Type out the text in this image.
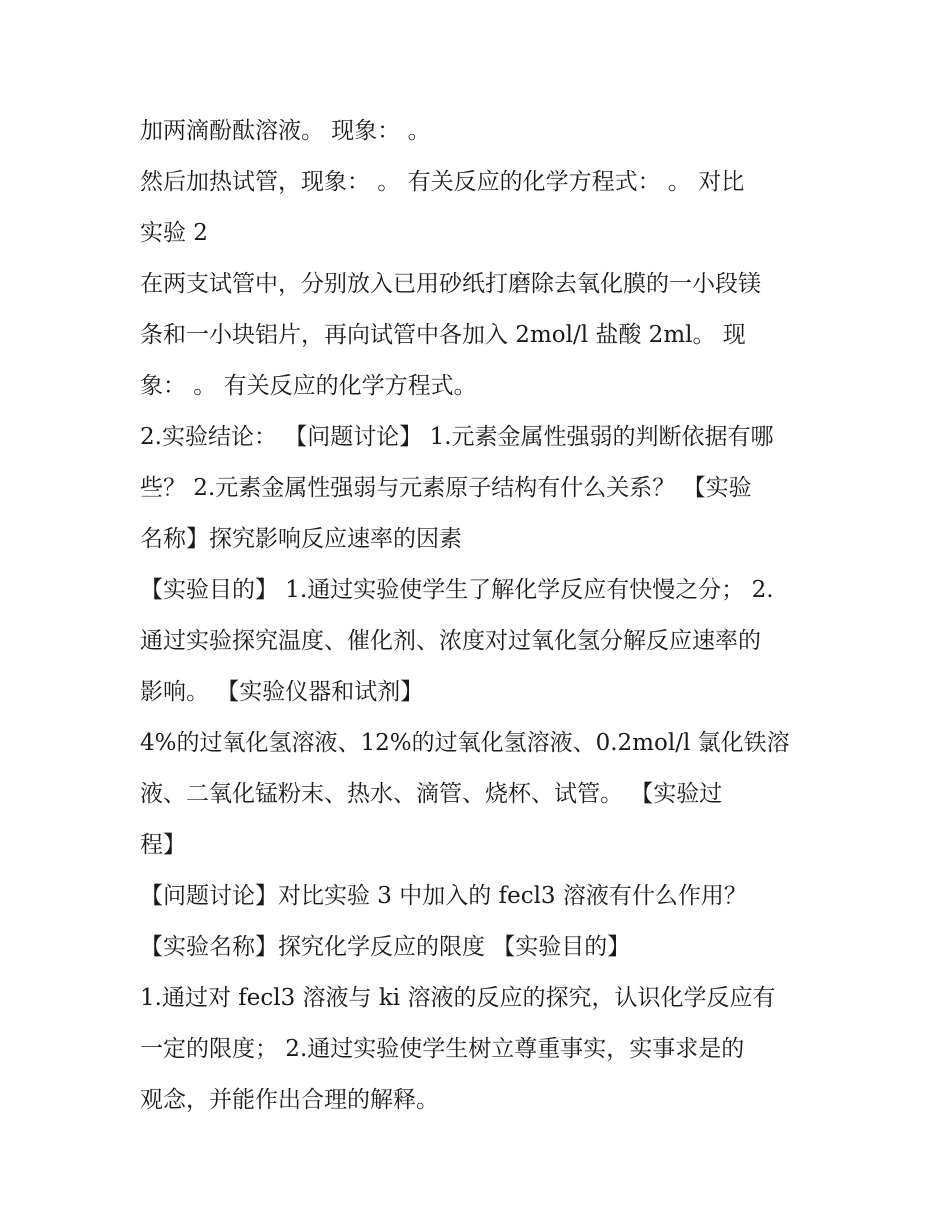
加两滴酚酞溶液。 现象： 。
然后加热试管，现象： 。 有关反应的化学方程式： 。 对比
实验 2
在两支试管中，分别放入已用砂纸打磨除去氧化膜的一小段镁
条和一小块铝片，再向试管中各加入 2mol/l 盐酸 2ml。 现
象： 。 有关反应的化学方程式。
2.实验结论： 【问题讨论】 1.元素金属性强弱的判断依据有哪
些？ 2.元素金属性强弱与元素原子结构有什么关系？ 【实验
名称】探究影响反应速率的因素
【实验目的】 1.通过实验使学生了解化学反应有快慢之分； 2.
通过实验探究温度、催化剂、浓度对过氧化氢分解反应速率的
影响。 【实验仪器和试剂】
4%的过氧化氢溶液、12%的过氧化氢溶液、0.2mol/l 氯化铁溶
液、二氧化锰粉末、热水、滴管、烧杯、试管。 【实验过
程】
【问题讨论】对比实验 3 中加入的 fecl3 溶液有什么作用？
【实验名称】探究化学反应的限度 【实验目的】
1.通过对 fecl3 溶液与 ki 溶液的反应的探究，认识化学反应有
一定的限度； 2.通过实验使学生树立尊重事实，实事求是的
观念，并能作出合理的解释。
